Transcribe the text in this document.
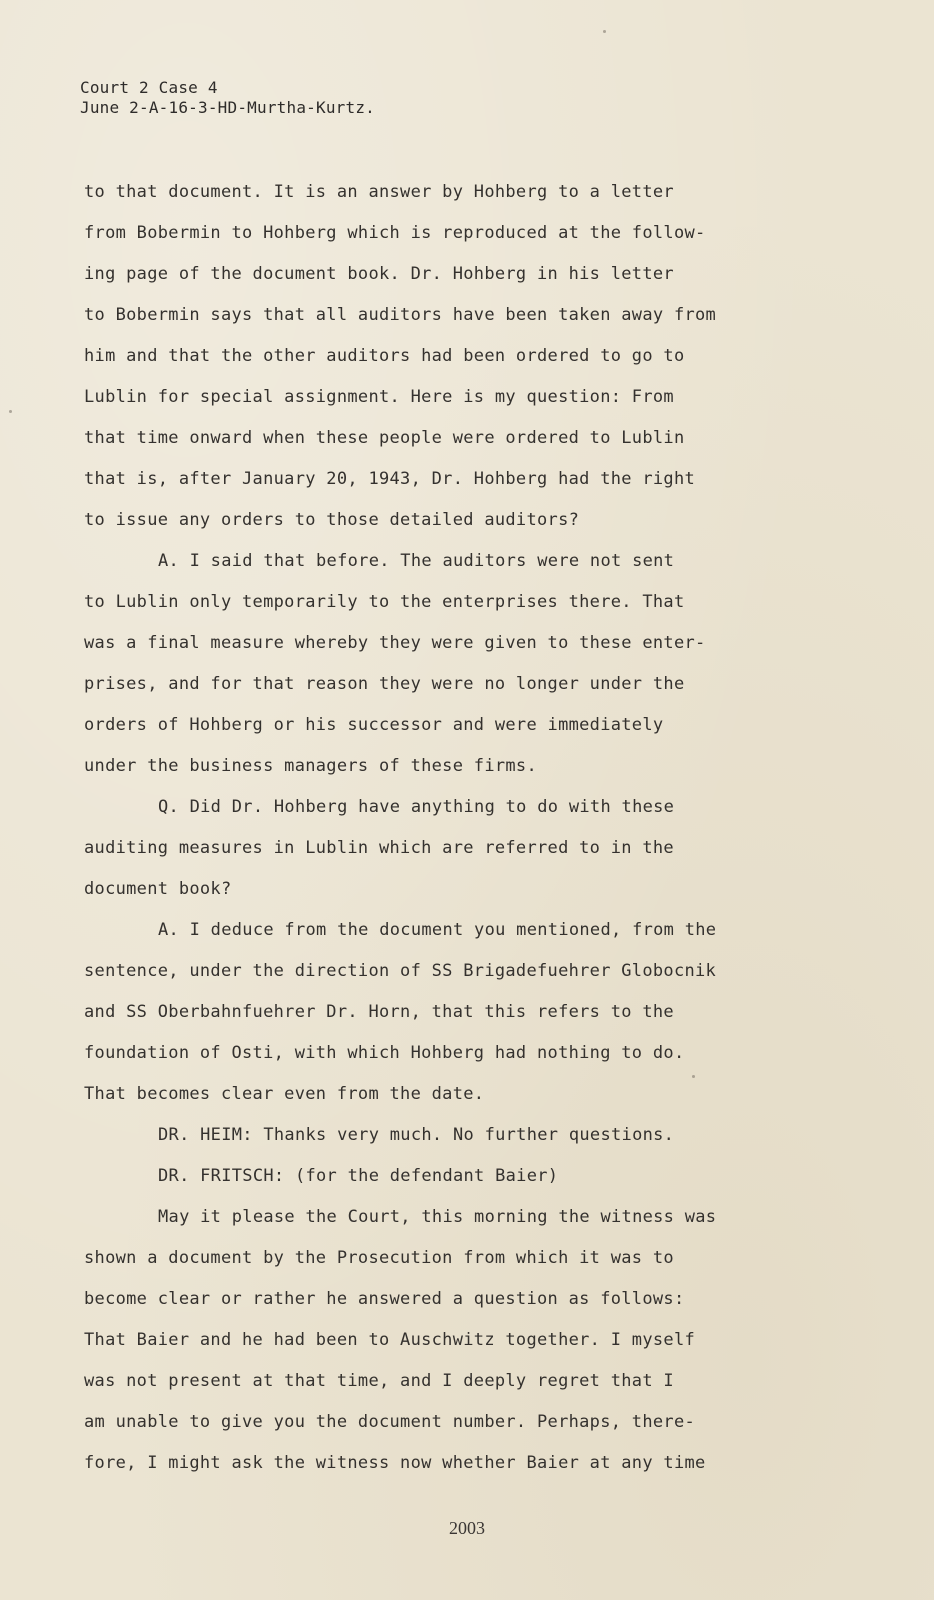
Court 2 Case 4
June 2-A-16-3-HD-Murtha-Kurtz.
to that document. It is an answer by Hohberg to a letter
from Bobermin to Hohberg which is reproduced at the follow-
ing page of the document book. Dr. Hohberg in his letter
to Bobermin says that all auditors have been taken away from
him and that the other auditors had been ordered to go to
Lublin for special assignment. Here is my question: From
that time onward when these people were ordered to Lublin
that is, after January 20, 1943, Dr. Hohberg had the right
to issue any orders to those detailed auditors?
A. I said that before. The auditors were not sent
to Lublin only temporarily to the enterprises there. That
was a final measure whereby they were given to these enter-
prises, and for that reason they were no longer under the
orders of Hohberg or his successor and were immediately
under the business managers of these firms.
Q. Did Dr. Hohberg have anything to do with these
auditing measures in Lublin which are referred to in the
document book?
A. I deduce from the document you mentioned, from the
sentence, under the direction of SS Brigadefuehrer Globocnik
and SS Oberbahnfuehrer Dr. Horn, that this refers to the
foundation of Osti, with which Hohberg had nothing to do.
That becomes clear even from the date.
DR. HEIM: Thanks very much. No further questions.
DR. FRITSCH: (for the defendant Baier)
May it please the Court, this morning the witness was
shown a document by the Prosecution from which it was to
become clear or rather he answered a question as follows:
That Baier and he had been to Auschwitz together. I myself
was not present at that time, and I deeply regret that I
am unable to give you the document number. Perhaps, there-
fore, I might ask the witness now whether Baier at any time
2003
